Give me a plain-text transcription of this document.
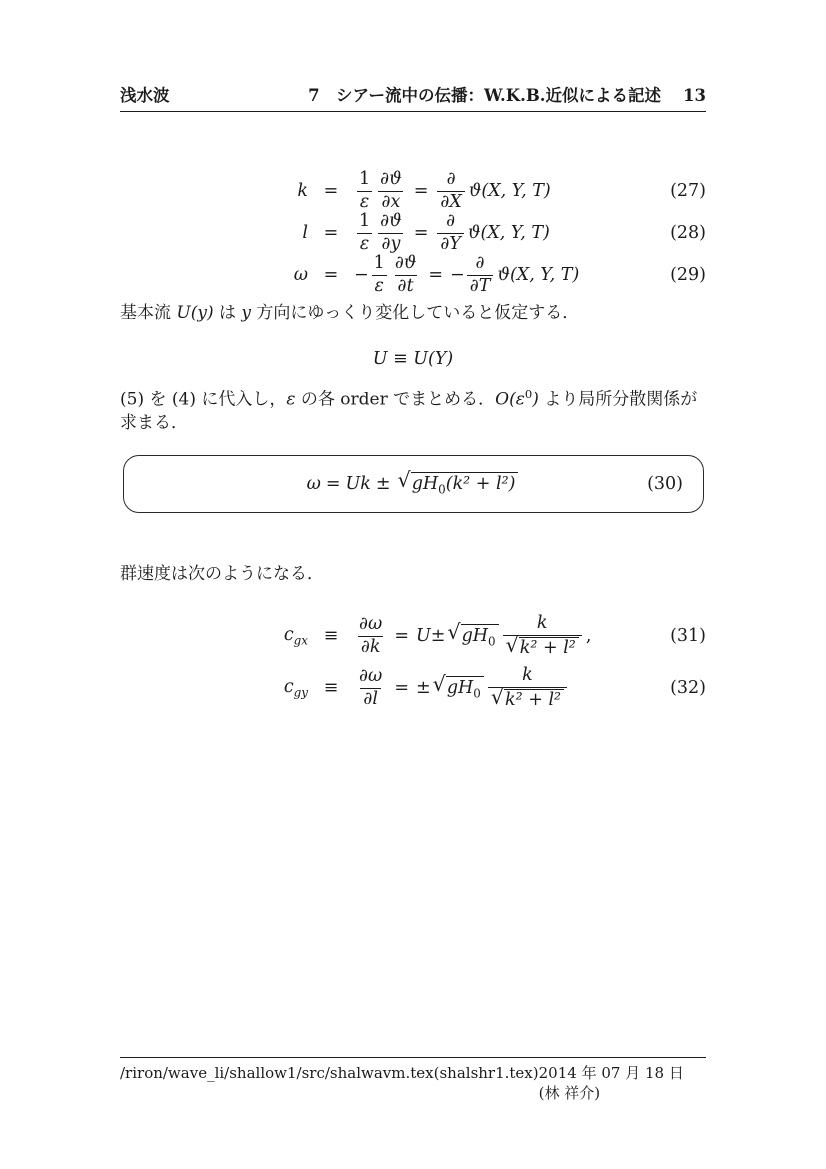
浅水波	7　シアー流中の伝播：W.K.B.近似による記述 13
k =	$\frac{1}{\varepsilon} \frac{\partial ϑ}{\partial x} = \frac{\partial}{\partial X} ϑ(X$, Y, T)	(27)
l =	$\frac{1}{\varepsilon} \frac{\partial ϑ}{\partial y} = \frac{\partial}{\partial Y} ϑ(X$, Y, T)	(28)
ω = − $\frac{1}{\varepsilon} \frac{\partial ϑ}{\partial t}$ = − $\frac{\partial}{\partial T} ϑ(X$, Y, T)	(29)

基本流 U(y) は y 方向にゆっくり変化していると仮定する．

U ≡ U(Y)

(5) を (4) に代入し，ε の各 order でまとめる．$O(\varepsilon^0)$ より局所分散関係が求まる．

ω = Uk ± √ $gH_0(k^2 + l^2)$	(30)

群速度は次のようになる．

$c_{gx}$ ≡	$\frac{\partial\omega}{\partial k} = U$ ± √ $gH_0 \frac{k}{\text{√ k² + l²}}$ ,	(31)
$c_{gy}$ ≡	$\frac{\partial\omega}{\partial l}$ = ± √ $gH_0 \frac{k}{\text{√ k² + l²}}$	(32)
/riron/wave_li/shallow1/src/shalwavm.tex(shalshr1.tex) 2014 年 07 月 18 日 (林 祥介)
